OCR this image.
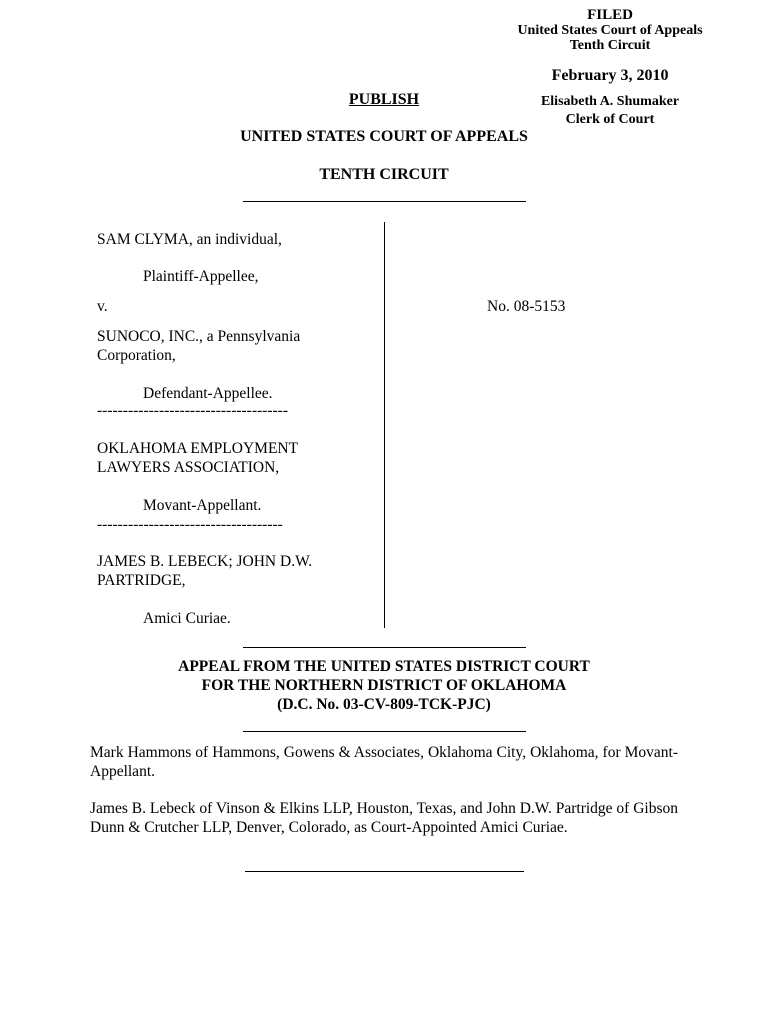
FILED
United States Court of Appeals
Tenth Circuit
February 3, 2010
Elisabeth A. Shumaker
Clerk of Court
PUBLISH
UNITED STATES COURT OF APPEALS
TENTH CIRCUIT
SAM CLYMA, an individual,
Plaintiff-Appellee,
v.
SUNOCO, INC., a Pennsylvania
Corporation,
Defendant-Appellee.
-------------------------------------
OKLAHOMA EMPLOYMENT
LAWYERS ASSOCIATION,
Movant-Appellant.
------------------------------------
JAMES B. LEBECK; JOHN D.W.
PARTRIDGE,
Amici Curiae.
No. 08-5153
APPEAL FROM THE UNITED STATES DISTRICT COURT
FOR THE NORTHERN DISTRICT OF OKLAHOMA
(D.C. No. 03-CV-809-TCK-PJC)
Mark Hammons of Hammons, Gowens & Associates, Oklahoma City, Oklahoma, for Movant-Appellant.
James B. Lebeck of Vinson & Elkins LLP, Houston, Texas, and John D.W. Partridge of Gibson Dunn & Crutcher LLP, Denver, Colorado, as Court-Appointed Amici Curiae.
